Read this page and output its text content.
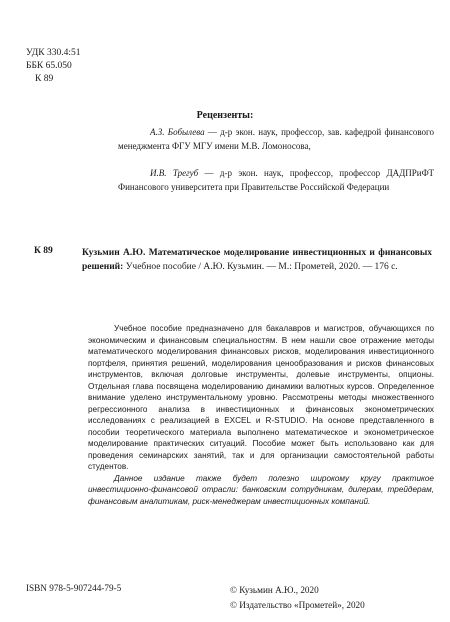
УДК 330.4:51
ББК 65.050
К 89
Рецензенты:
А.З. Бобылева — д-р экон. наук, профессор, зав. кафедрой финансового менеджмента ФГУ МГУ имени М.В. Ломоносова,
И.В. Трегуб — д-р экон. наук, профессор, профессор ДАДПРиФТ Финансового университета при Правительстве Российской Федерации
К 89	Кузьмин А.Ю. Математическое моделирование инвестиционных и финансовых решений: Учебное пособие / А.Ю. Кузьмин. — М.: Прометей, 2020. — 176 с.

Учебное пособие предназначено для бакалавров и магистров, обучающихся по экономическим и финансовым специальностям. В нем нашли свое отражение методы математического моделирования финансовых рисков, моделирования инвестиционного портфеля, принятия решений, моделирования ценообразования и рисков финансовых инструментов, включая долговые инструменты, долевые инструменты, опционы. Отдельная глава посвящена моделированию динамики валютных курсов. Определенное внимание уделено инструментальному уровню. Рассмотрены методы множественного регрессионного анализа в инвестиционных и финансовых эконометрических исследованиях с реализацией в EXCEL и R-STUDIO. На основе представленного в пособии теоретического материала выполнено математическое и эконометрическое моделирование практических ситуаций. Пособие может быть использовано как для проведения семинарских занятий, так и для организации самостоятельной работы студентов.

Данное издание также будет полезно широкому кругу практикое инвестиционно-финансовой отрасли: банковским сотрудникам, дилерам, трейдерам, финансовым аналитикам, риск-менеджерам инвестиционных компаний.

ISBN 978-5-907244-79-5	© Кузьмин А.Ю., 2020
© Издательство «Прометей», 2020
